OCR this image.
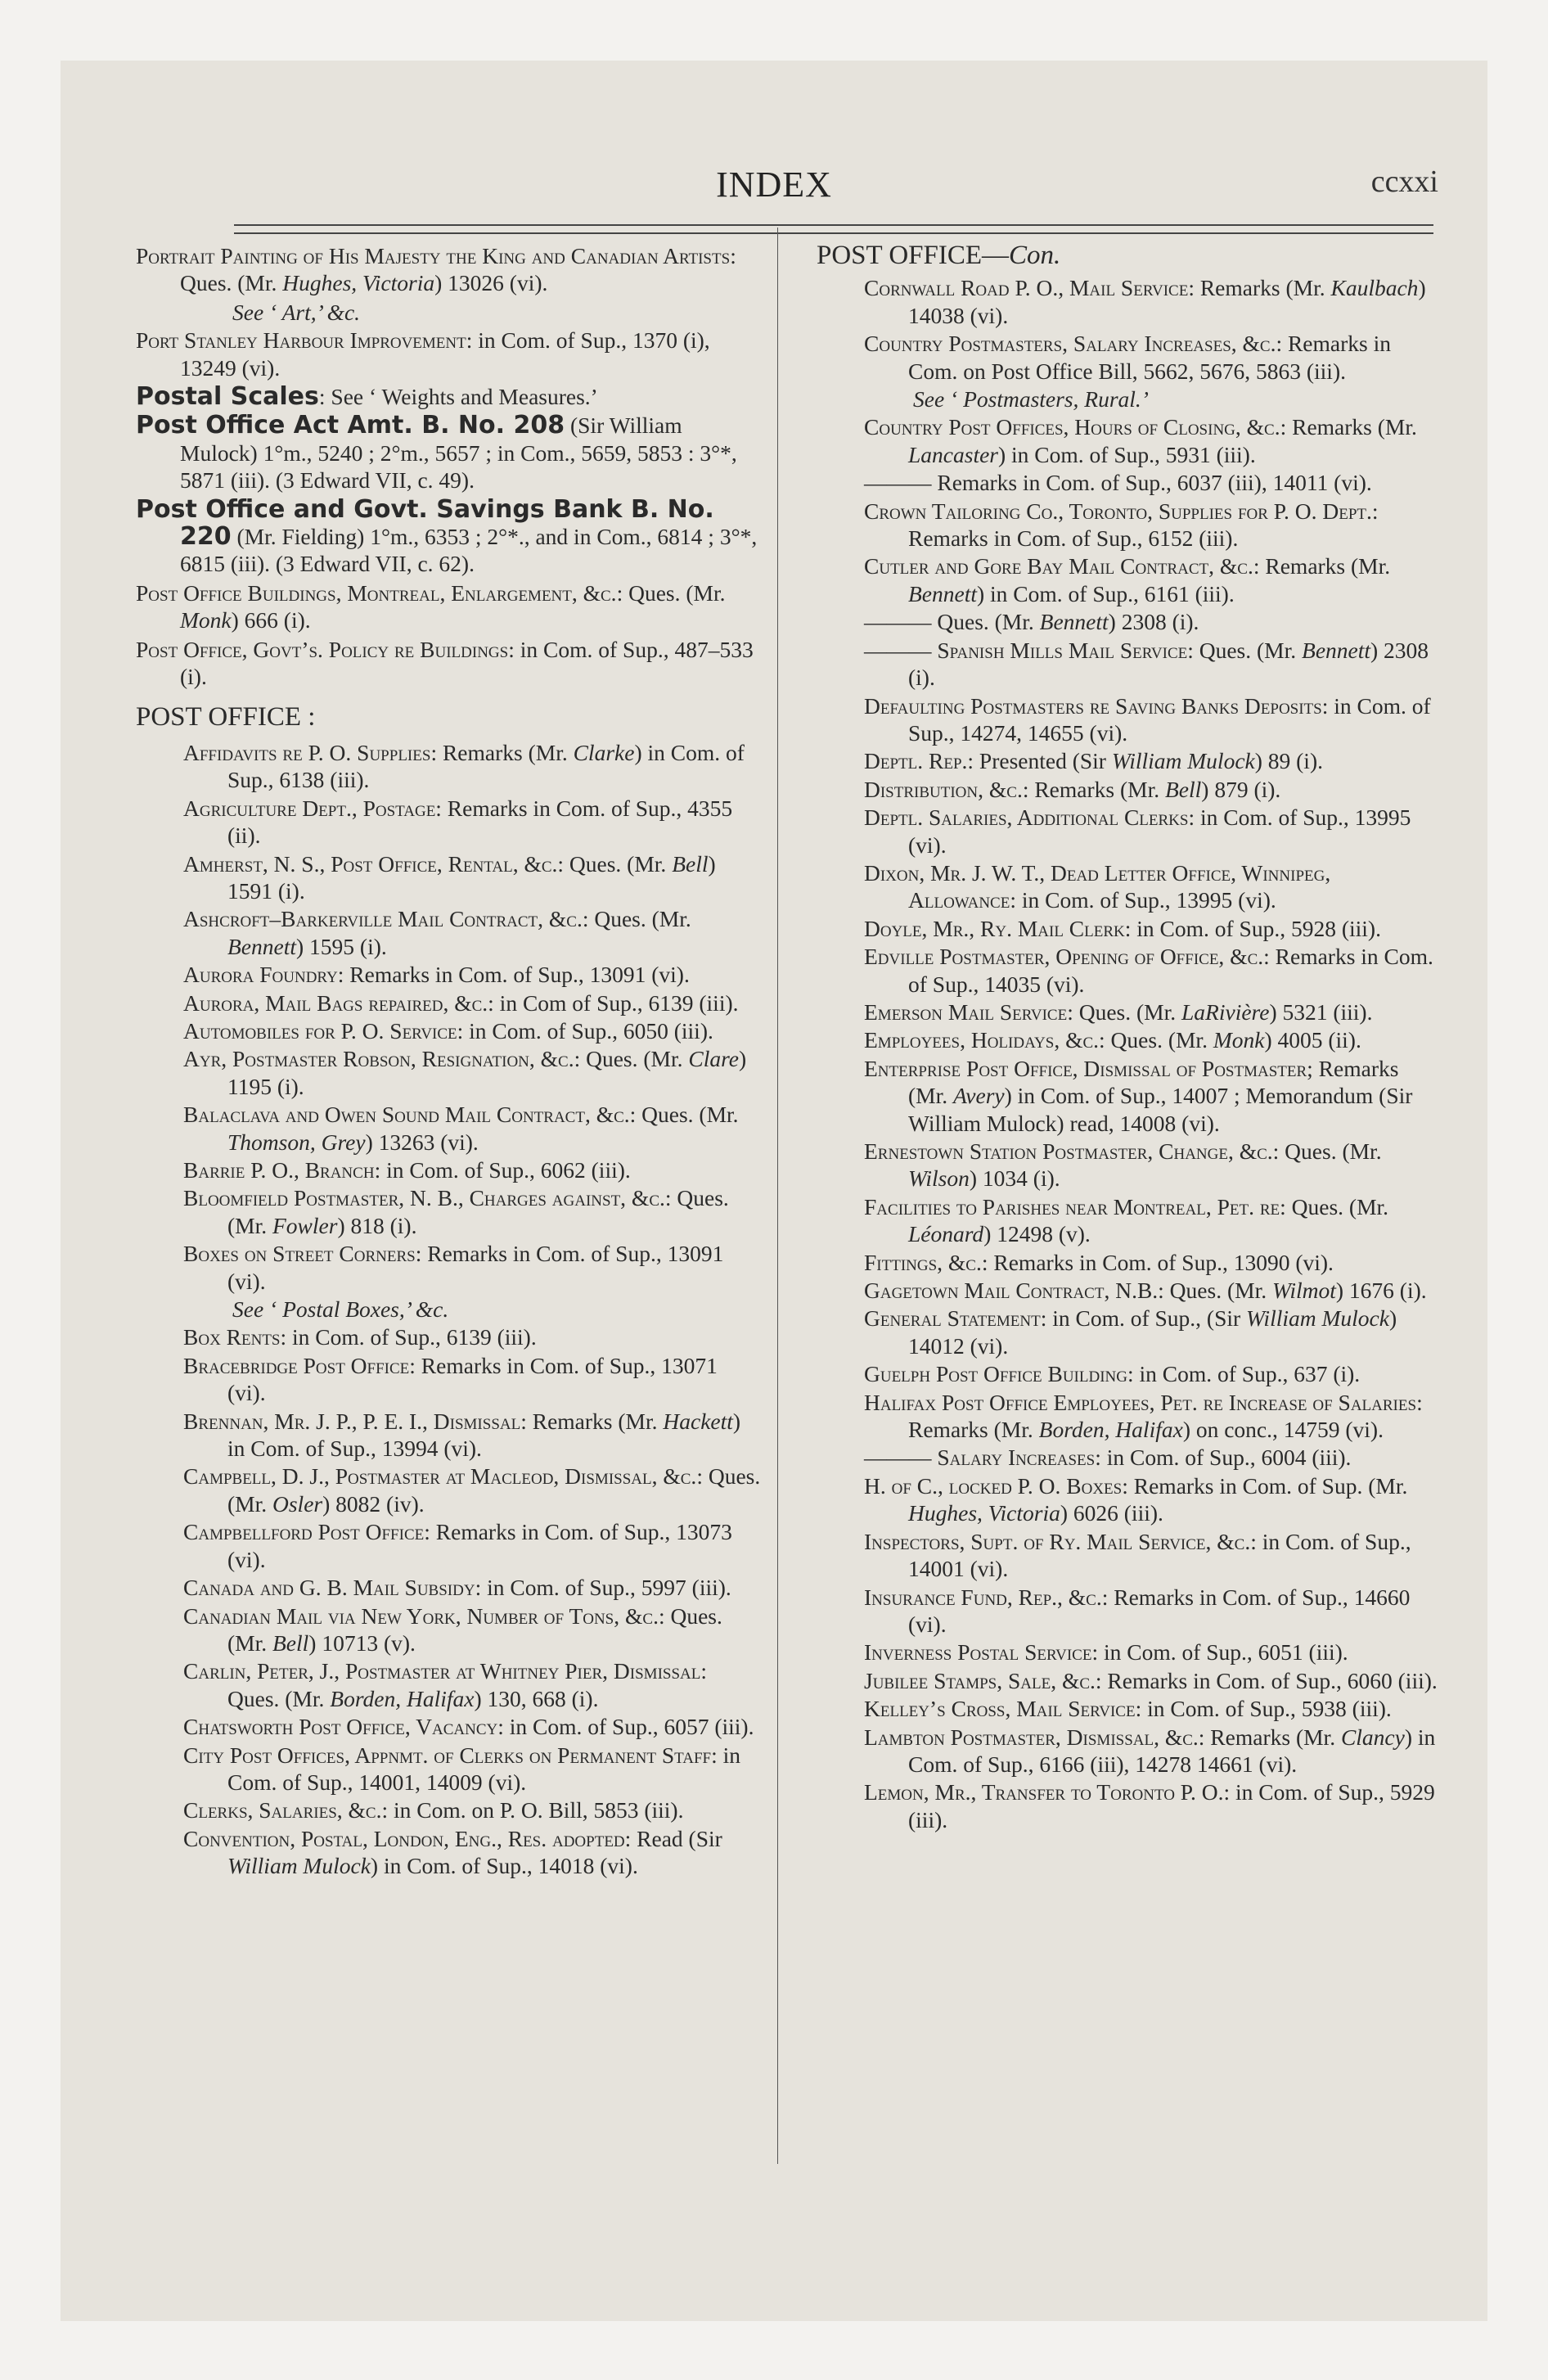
INDEX	ccxxi
Portrait Painting of His Majesty the King and Canadian Artists: Ques. (Mr. Hughes, Victoria) 13026 (vi).
See ‘ Art,’ &c.
Port Stanley Harbour Improvement: in Com. of Sup., 1370 (i), 13249 (vi).
Postal Scales: See ‘ Weights and Measures.’
Post Office Act Amt. B. No. 208 (Sir William Mulock) 1°m., 5240 ; 2°m., 5657 ; in Com., 5659, 5853 : 3°*, 5871 (iii). (3 Edward VII, c. 49).
Post Office and Govt. Savings Bank B. No. 220 (Mr. Fielding) 1°m., 6353 ; 2°*., and in Com., 6814 ; 3°*, 6815 (iii). (3 Edward VII, c. 62).
Post Office Buildings, Montreal, Enlargement, &c.: Ques. (Mr. Monk) 666 (i).
Post Office, Govt’s. Policy re Buildings: in Com. of Sup., 487–533 (i).
POST OFFICE :
Affidavits re P. O. Supplies: Remarks (Mr. Clarke) in Com. of Sup., 6138 (iii).
Agriculture Dept., Postage: Remarks in Com. of Sup., 4355 (ii).
Amherst, N. S., Post Office, Rental, &c.: Ques. (Mr. Bell) 1591 (i).
Ashcroft–Barkerville Mail Contract, &c.: Ques. (Mr. Bennett) 1595 (i).
Aurora Foundry: Remarks in Com. of Sup., 13091 (vi).
Aurora, Mail Bags repaired, &c.: in Com of Sup., 6139 (iii).
Automobiles for P. O. Service: in Com. of Sup., 6050 (iii).
Ayr, Postmaster Robson, Resignation, &c.: Ques. (Mr. Clare) 1195 (i).
Balaclava and Owen Sound Mail Contract, &c.: Ques. (Mr. Thomson, Grey) 13263 (vi).
Barrie P. O., Branch: in Com. of Sup., 6062 (iii).
Bloomfield Postmaster, N. B., Charges against, &c.: Ques. (Mr. Fowler) 818 (i).
Boxes on Street Corners: Remarks in Com. of Sup., 13091 (vi).
See ‘ Postal Boxes,’ &c.
Box Rents: in Com. of Sup., 6139 (iii).
Bracebridge Post Office: Remarks in Com. of Sup., 13071 (vi).
Brennan, Mr. J. P., P. E. I., Dismissal: Remarks (Mr. Hackett) in Com. of Sup., 13994 (vi).
Campbell, D. J., Postmaster at Macleod, Dismissal, &c.: Ques. (Mr. Osler) 8082 (iv).
Campbellford Post Office: Remarks in Com. of Sup., 13073 (vi).
Canada and G. B. Mail Subsidy: in Com. of Sup., 5997 (iii).
Canadian Mail via New York, Number of Tons, &c.: Ques. (Mr. Bell) 10713 (v).
Carlin, Peter, J., Postmaster at Whitney Pier, Dismissal: Ques. (Mr. Borden, Halifax) 130, 668 (i).
Chatsworth Post Office, Vacancy: in Com. of Sup., 6057 (iii).
City Post Offices, Appnmt. of Clerks on Permanent Staff: in Com. of Sup., 14001, 14009 (vi).
Clerks, Salaries, &c.: in Com. on P. O. Bill, 5853 (iii).
Convention, Postal, London, Eng., Res. adopted: Read (Sir William Mulock) in Com. of Sup., 14018 (vi).
POST OFFICE—Con.
Cornwall Road P. O., Mail Service: Remarks (Mr. Kaulbach) 14038 (vi).
Country Postmasters, Salary Increases, &c.: Remarks in Com. on Post Office Bill, 5662, 5676, 5863 (iii).
See ‘ Postmasters, Rural.’
Country Post Offices, Hours of Closing, &c.: Remarks (Mr. Lancaster) in Com. of Sup., 5931 (iii).
——— Remarks in Com. of Sup., 6037 (iii), 14011 (vi).
Crown Tailoring Co., Toronto, Supplies for P. O. Dept.: Remarks in Com. of Sup., 6152 (iii).
Cutler and Gore Bay Mail Contract, &c.: Remarks (Mr. Bennett) in Com. of Sup., 6161 (iii).
——— Ques. (Mr. Bennett) 2308 (i).
——— Spanish Mills Mail Service: Ques. (Mr. Bennett) 2308 (i).
Defaulting Postmasters re Saving Banks Deposits: in Com. of Sup., 14274, 14655 (vi).
Deptl. Rep.: Presented (Sir William Mulock) 89 (i).
Distribution, &c.: Remarks (Mr. Bell) 879 (i).
Deptl. Salaries, Additional Clerks: in Com. of Sup., 13995 (vi).
Dixon, Mr. J. W. T., Dead Letter Office, Winnipeg, Allowance: in Com. of Sup., 13995 (vi).
Doyle, Mr., Ry. Mail Clerk: in Com. of Sup., 5928 (iii).
Edville Postmaster, Opening of Office, &c.: Remarks in Com. of Sup., 14035 (vi).
Emerson Mail Service: Ques. (Mr. LaRivière) 5321 (iii).
Employees, Holidays, &c.: Ques. (Mr. Monk) 4005 (ii).
Enterprise Post Office, Dismissal of Postmaster; Remarks (Mr. Avery) in Com. of Sup., 14007 ; Memorandum (Sir William Mulock) read, 14008 (vi).
Ernestown Station Postmaster, Change, &c.: Ques. (Mr. Wilson) 1034 (i).
Facilities to Parishes near Montreal, Pet. re: Ques. (Mr. Léonard) 12498 (v).
Fittings, &c.: Remarks in Com. of Sup., 13090 (vi).
Gagetown Mail Contract, N.B.: Ques. (Mr. Wilmot) 1676 (i).
General Statement: in Com. of Sup., (Sir William Mulock) 14012 (vi).
Guelph Post Office Building: in Com. of Sup., 637 (i).
Halifax Post Office Employees, Pet. re Increase of Salaries: Remarks (Mr. Borden, Halifax) on conc., 14759 (vi).
——— Salary Increases: in Com. of Sup., 6004 (iii).
H. of C., locked P. O. Boxes: Remarks in Com. of Sup. (Mr. Hughes, Victoria) 6026 (iii).
Inspectors, Supt. of Ry. Mail Service, &c.: in Com. of Sup., 14001 (vi).
Insurance Fund, Rep., &c.: Remarks in Com. of Sup., 14660 (vi).
Inverness Postal Service: in Com. of Sup., 6051 (iii).
Jubilee Stamps, Sale, &c.: Remarks in Com. of Sup., 6060 (iii).
Kelley’s Cross, Mail Service: in Com. of Sup., 5938 (iii).
Lambton Postmaster, Dismissal, &c.: Remarks (Mr. Clancy) in Com. of Sup., 6166 (iii), 14278 14661 (vi).
Lemon, Mr., Transfer to Toronto P. O.: in Com. of Sup., 5929 (iii).
